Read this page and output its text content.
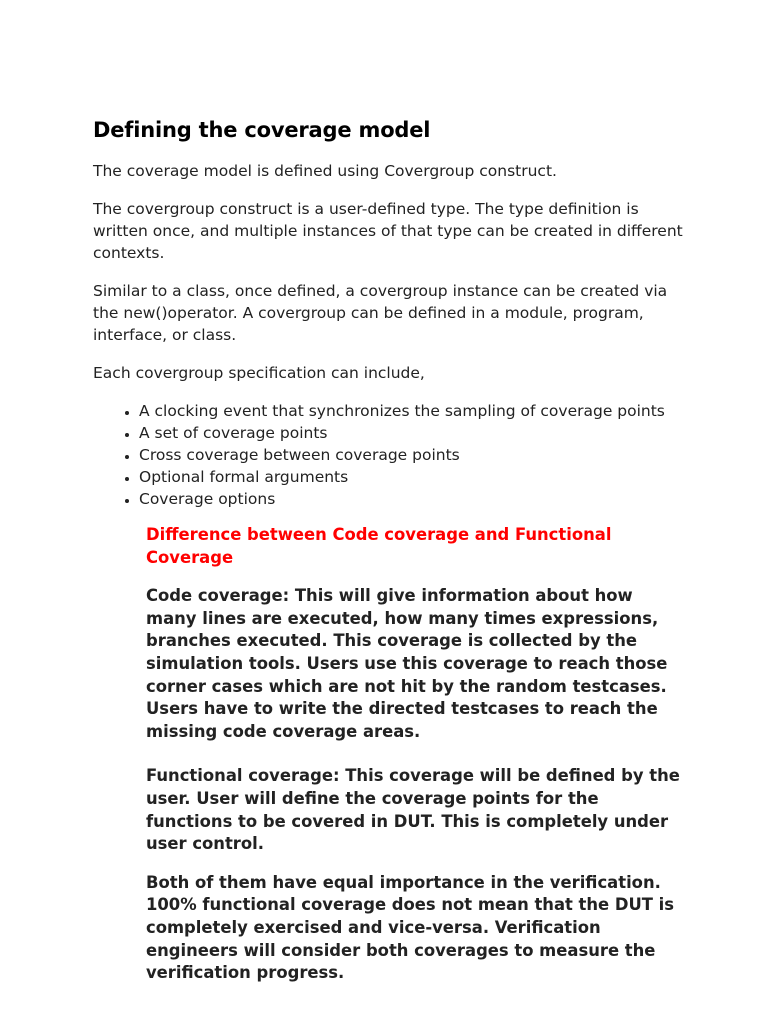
Defining the coverage model

The coverage model is defined using Covergroup construct.

The covergroup construct is a user-defined type. The type definition is written once, and multiple instances of that type can be created in different contexts.

Similar to a class, once defined, a covergroup instance can be created via the new()operator. A covergroup can be defined in a module, program, interface, or class.

Each covergroup specification can include,

• A clocking event that synchronizes the sampling of coverage points
• A set of coverage points
• Cross coverage between coverage points
• Optional formal arguments
• Coverage options

Difference between Code coverage and Functional Coverage

Code coverage: This will give information about how many lines are executed, how many times expressions, branches executed. This coverage is collected by the simulation tools. Users use this coverage to reach those corner cases which are not hit by the random testcases. Users have to write the directed testcases to reach the missing code coverage areas.

Functional coverage: This coverage will be defined by the user. User will define the coverage points for the functions to be covered in DUT. This is completely under user control.

Both of them have equal importance in the verification. 100% functional coverage does not mean that the DUT is completely exercised and vice-versa. Verification engineers will consider both coverages to measure the verification progress.
